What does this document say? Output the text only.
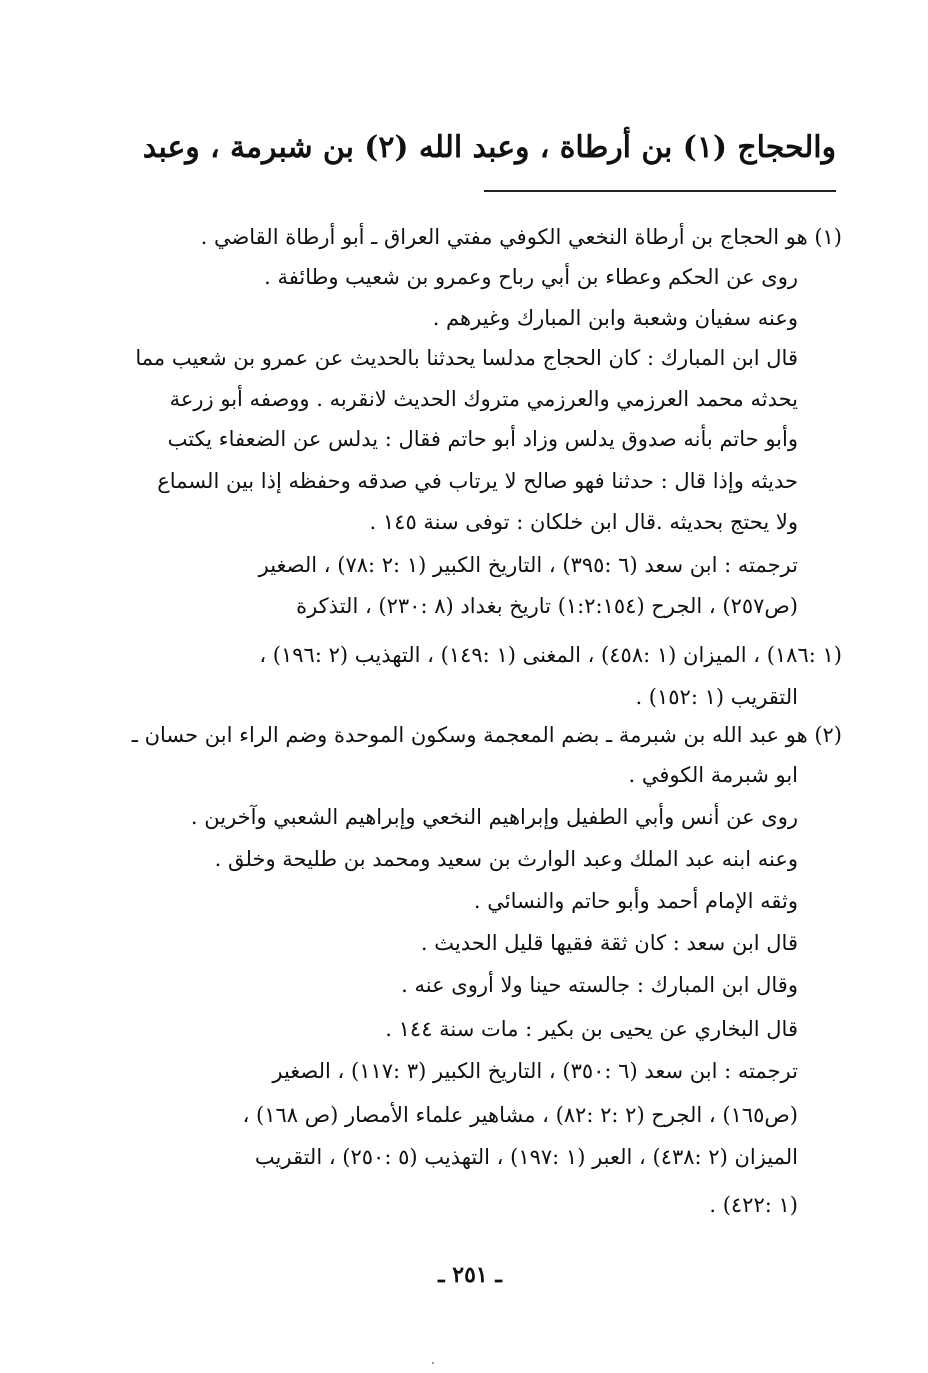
والحجاج (١) بن أرطاة ، وعبد الله (٢) بن شبرمة ، وعبد
(١) هو الحجاج بن أرطاة النخعي الكوفي مفتي العراق ـ أبو أرطاة القاضي .
روى عن الحكم وعطاء بن أبي رباح وعمرو بن شعيب وطائفة .
وعنه سفيان وشعبة وابن المبارك وغيرهم .
قال ابن المبارك : كان الحجاج مدلسا يحدثنا بالحديث عن عمرو بن شعيب مما
يحدثه محمد العرزمي والعرزمي متروك الحديث لانقربه . ووصفه أبو زرعة
وأبو حاتم بأنه صدوق يدلس وزاد أبو حاتم فقال : يدلس عن الضعفاء يكتب
حديثه وإذا قال : حدثنا فهو صالح لا يرتاب في صدقه وحفظه إذا بين السماع
ولا يحتج بحديثه .قال ابن خلكان : توفى سنة ١٤٥ .
ترجمته : ابن سعد (٦ :٣٩٥) ، التاريخ الكبير (١ :٢ :٧٨) ، الصغير
(ص٢٥٧) ، الجرح (١:٢:١٥٤) تاريخ بغداد (٨ :٢٣٠) ، التذكرة
(١ :١٨٦) ، الميزان (١ :٤٥٨) ، المغنى (١ :١٤٩) ، التهذيب (٢ :١٩٦) ،
التقريب (١ :١٥٢) .
(٢) هو عبد الله بن شبرمة ـ بضم المعجمة وسكون الموحدة وضم الراء ابن حسان ـ
ابو شبرمة الكوفي .
روى عن أنس وأبي الطفيل وإبراهيم النخعي وإبراهيم الشعبي وآخرين .
وعنه ابنه عبد الملك وعبد الوارث بن سعيد ومحمد بن طليحة وخلق .
وثقه الإمام أحمد وأبو حاتم والنسائي .
قال ابن سعد : كان ثقة فقيها قليل الحديث .
وقال ابن المبارك : جالسته حينا ولا أروى عنه .
قال البخاري عن يحيى بن بكير : مات سنة ١٤٤ .
ترجمته : ابن سعد (٦ :٣٥٠) ، التاريخ الكبير (٣ :١١٧) ، الصغير
(ص١٦٥) ، الجرح (٢ :٢ :٨٢) ، مشاهير علماء الأمصار (ص ١٦٨) ،
الميزان (٢ :٤٣٨) ، العبر (١ :١٩٧) ، التهذيب (٥ :٢٥٠) ، التقريب
(١ :٤٢٢) .
ـ ٢٥١ ـ
